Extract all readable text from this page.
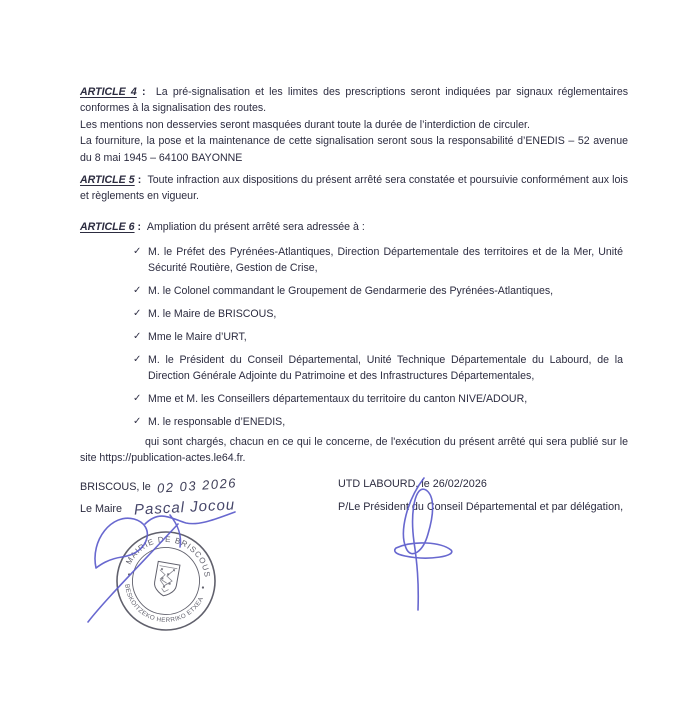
ARTICLE 4 :  La pré-signalisation et les limites des prescriptions seront indiquées par signaux réglementaires conformes à la signalisation des routes.
Les mentions non desservies seront masquées durant toute la durée de l’interdiction de circuler.
La fourniture, la pose et la maintenance de cette signalisation seront sous la responsabilité d’ENEDIS – 52 avenue du 8 mai 1945 – 64100 BAYONNE
ARTICLE 5 :  Toute infraction aux dispositions du présent arrêté sera constatée et poursuivie conformément aux lois et règlements en vigueur.
ARTICLE 6 :  Ampliation du présent arrêté sera adressée à :
✓ M. le Préfet des Pyrénées-Atlantiques, Direction Départementale des territoires et de la Mer, Unité Sécurité Routière, Gestion de Crise,
✓ M. le Colonel commandant le Groupement de Gendarmerie des Pyrénées-Atlantiques,
✓ M. le Maire de BRISCOUS,
✓ Mme le Maire d’URT,
✓ M. le Président du Conseil Départemental, Unité Technique Départementale du Labourd, de la Direction Générale Adjointe du Patrimoine et des Infrastructures Départementales,
✓ Mme et M. les Conseillers départementaux du territoire du canton NIVE/ADOUR,
✓ M. le responsable d’ENEDIS,
qui sont chargés, chacun en ce qui le concerne, de l'exécution du présent arrêté qui sera publié sur le site https://publication-actes.le64.fr.
BRISCOUS, le 02 03 2026
Le Maire Pascal Jocou
UTD LABOURD, le 26/02/2026
P/Le Président du Conseil Départemental et par délégation,
MAIRIE DE BRISCOUS
BESKOITZEKO HERRIKO ETXEA
